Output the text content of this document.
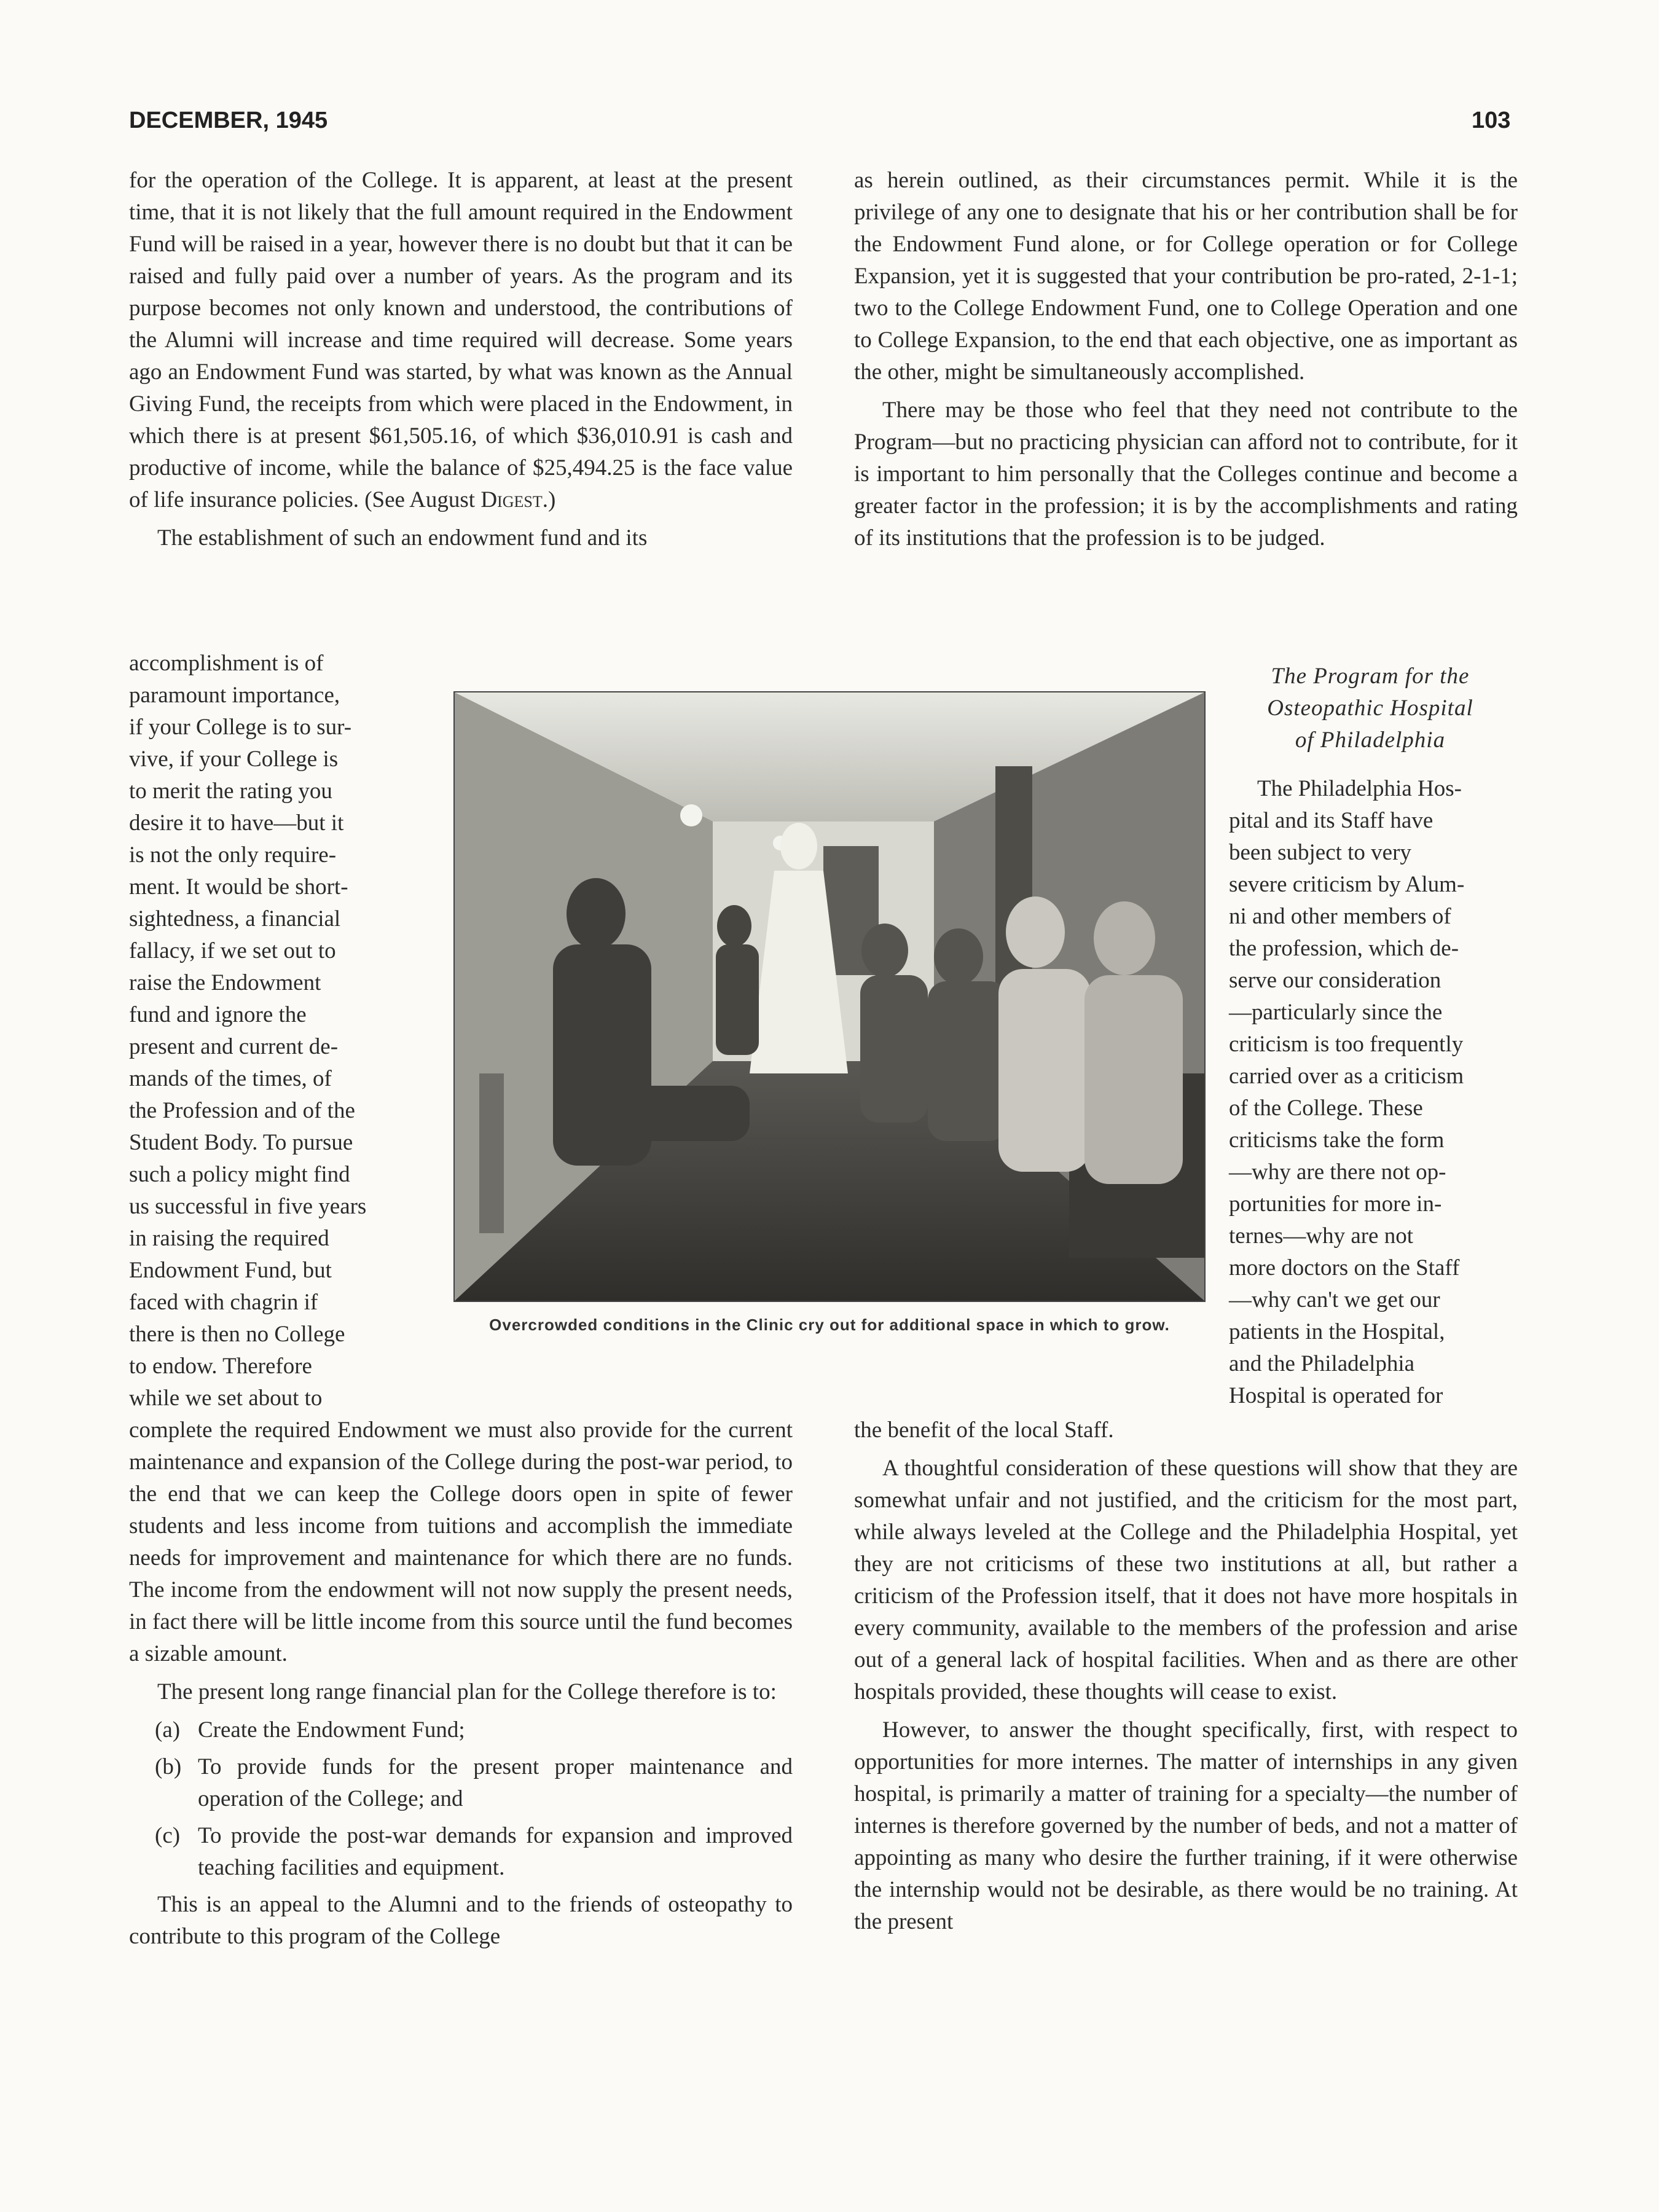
DECEMBER, 1945	103

for the operation of the College. It is apparent, at least at the present time, that it is not likely that the full amount required in the Endowment Fund will be raised in a year, however there is no doubt but that it can be raised and fully paid over a number of years. As the program and its purpose becomes not only known and understood, the contributions of the Alumni will increase and time required will decrease. Some years ago an Endowment Fund was started, by what was known as the Annual Giving Fund, the receipts from which were placed in the Endowment, in which there is at present $61,505.16, of which $36,010.91 is cash and productive of income, while the balance of $25,494.25 is the face value of life insurance policies. (See August Digest.)

The establishment of such an endowment fund and its

accomplishment is of

paramount importance,

if your College is to sur-

vive, if your College is

to merit the rating you

desire it to have—but it

is not the only require-

ment. It would be short-

sightedness, a financial

fallacy, if we set out to

raise the Endowment

fund and ignore the

present and current de-

mands of the times, of

the Profession and of the

Student Body. To pursue

such a policy might find

us successful in five years

in raising the required

Endowment Fund, but

faced with chagrin if

there is then no College

to endow. Therefore

while we set about to

Overcrowded conditions in the Clinic cry out for additional space in which to grow.

complete the required Endowment we must also provide for the current maintenance and expansion of the College during the post-war period, to the end that we can keep the College doors open in spite of fewer students and less income from tuitions and accomplish the immediate needs for improvement and maintenance for which there are no funds. The income from the endowment will not now supply the present needs, in fact there will be little income from this source until the fund becomes a sizable amount.

The present long range financial plan for the College therefore is to:

(a) Create the Endowment Fund;
(b) To provide funds for the present proper maintenance and operation of the College; and
(c) To provide the post-war demands for expansion and improved teaching facilities and equipment.

This is an appeal to the Alumni and to the friends of osteopathy to contribute to this program of the College

as herein outlined, as their circumstances permit. While it is the privilege of any one to designate that his or her contribution shall be for the Endowment Fund alone, or for College operation or for College Expansion, yet it is suggested that your contribution be pro-rated, 2-1-1; two to the College Endowment Fund, one to College Operation and one to College Expansion, to the end that each objective, one as important as the other, might be simultaneously accomplished.

There may be those who feel that they need not contribute to the Program—but no practicing physician can afford not to contribute, for it is important to him personally that the Colleges continue and become a greater factor in the profession; it is by the accomplishments and rating of its institutions that the profession is to be judged.

The Program for the
Osteopathic Hospital
of Philadelphia

The Philadelphia Hos-

pital and its Staff have

been subject to very

severe criticism by Alum-

ni and other members of

the profession, which de-

serve our consideration

—particularly since the

criticism is too frequently

carried over as a criticism

of the College. These

criticisms take the form

—why are there not op-

portunities for more in-

ternes—why are not

more doctors on the Staff

—why can't we get our

patients in the Hospital,

and the Philadelphia

Hospital is operated for

the benefit of the local Staff.

A thoughtful consideration of these questions will show that they are somewhat unfair and not justified, and the criticism for the most part, while always leveled at the College and the Philadelphia Hospital, yet they are not criticisms of these two institutions at all, but rather a criticism of the Profession itself, that it does not have more hospitals in every community, available to the members of the profession and arise out of a general lack of hospital facilities. When and as there are other hospitals provided, these thoughts will cease to exist.

However, to answer the thought specifically, first, with respect to opportunities for more internes. The matter of internships in any given hospital, is primarily a matter of training for a specialty—the number of internes is therefore governed by the number of beds, and not a matter of appointing as many who desire the further training, if it were otherwise the internship would not be desirable, as there would be no training. At the present
